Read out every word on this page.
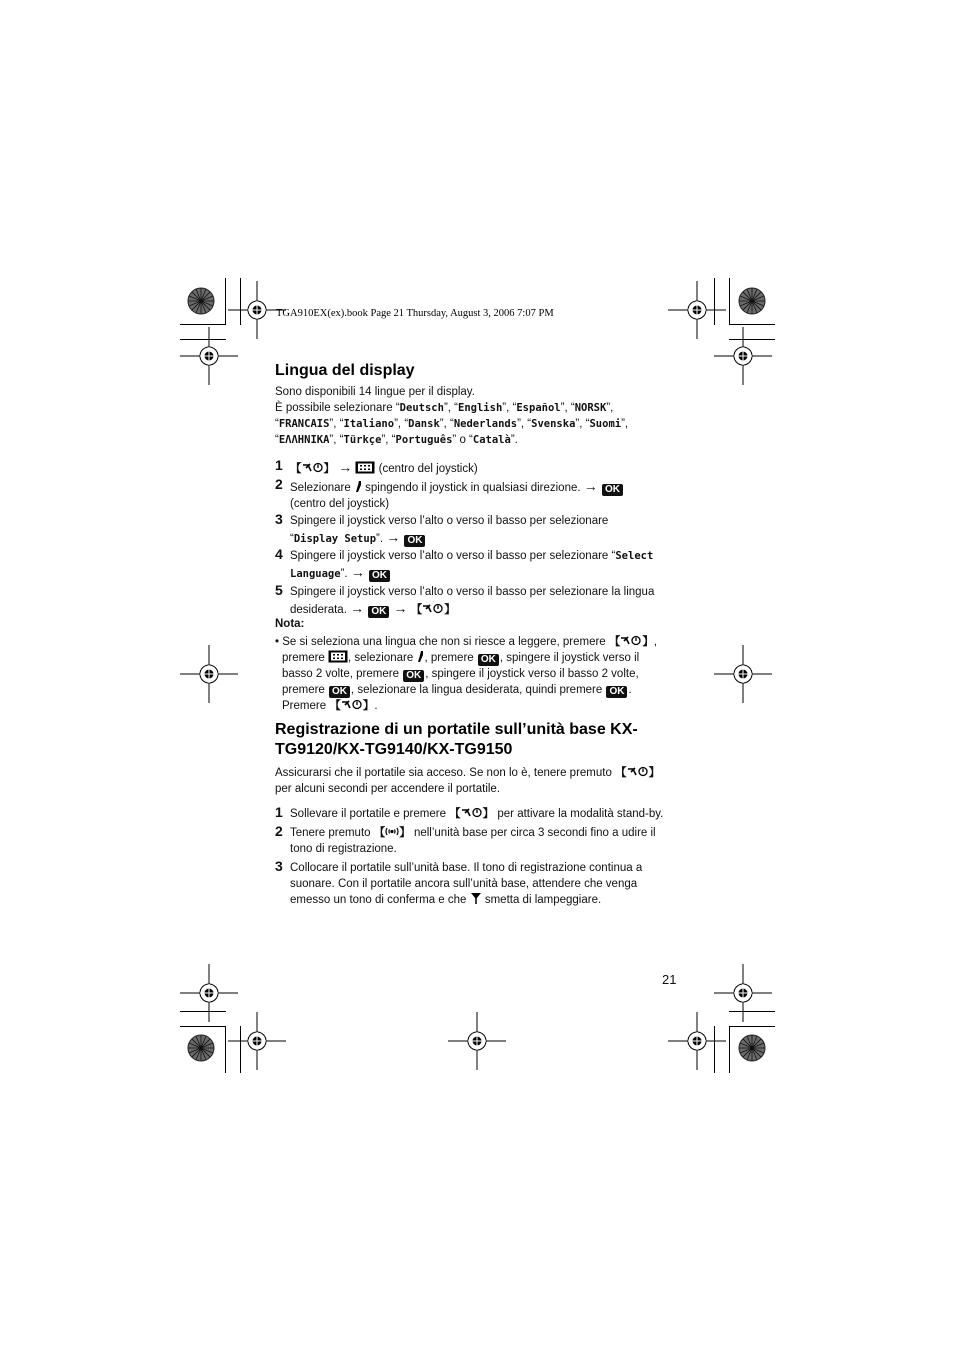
TGA910EX(ex).book Page 21 Thursday, August 3, 2006 7:07 PM
Lingua del display
Sono disponibili 14 lingue per il display.
È possibile selezionare “Deutsch”, “English”, “Español”, “NORSK”,
“FRANCAIS”, “Italiano”, “Dansk”, “Nederlands”, “Svenska”, “Suomi”,
“ΕΛΛΗΝΙΚΑ”, “Türkçe”, “Português” o “Català”.
1 【 】 → (centro del joystick)
2 Selezionare spingendo il joystick in qualsiasi direzione. → OK
(centro del joystick)
3 Spingere il joystick verso l’alto o verso il basso per selezionare
“Display Setup”. → OK
4 Spingere il joystick verso l’alto o verso il basso per selezionare “Select
Language”. → OK
5 Spingere il joystick verso l’alto o verso il basso per selezionare la lingua
desiderata. → OK → 【 】
Nota:
• Se si seleziona una lingua che non si riesce a leggere, premere 【 】,
premere , selezionare , premere OK , spingere il joystick verso il
basso 2 volte, premere OK , spingere il joystick verso il basso 2 volte,
premere OK , selezionare la lingua desiderata, quindi premere OK .
Premere 【 】.
Registrazione di un portatile sull’unità base KX-
TG9120/KX-TG9140/KX-TG9150
Assicurarsi che il portatile sia acceso. Se non lo è, tenere premuto 【 】
per alcuni secondi per accendere il portatile.
1 Sollevare il portatile e premere 【 】 per attivare la modalità stand-by.
2 Tenere premuto 【 】 nell’unità base per circa 3 secondi fino a udire il
tono di registrazione.
3 Collocare il portatile sull’unità base. Il tono di registrazione continua a
suonare. Con il portatile ancora sull’unità base, attendere che venga
emesso un tono di conferma e che smetta di lampeggiare.
21
